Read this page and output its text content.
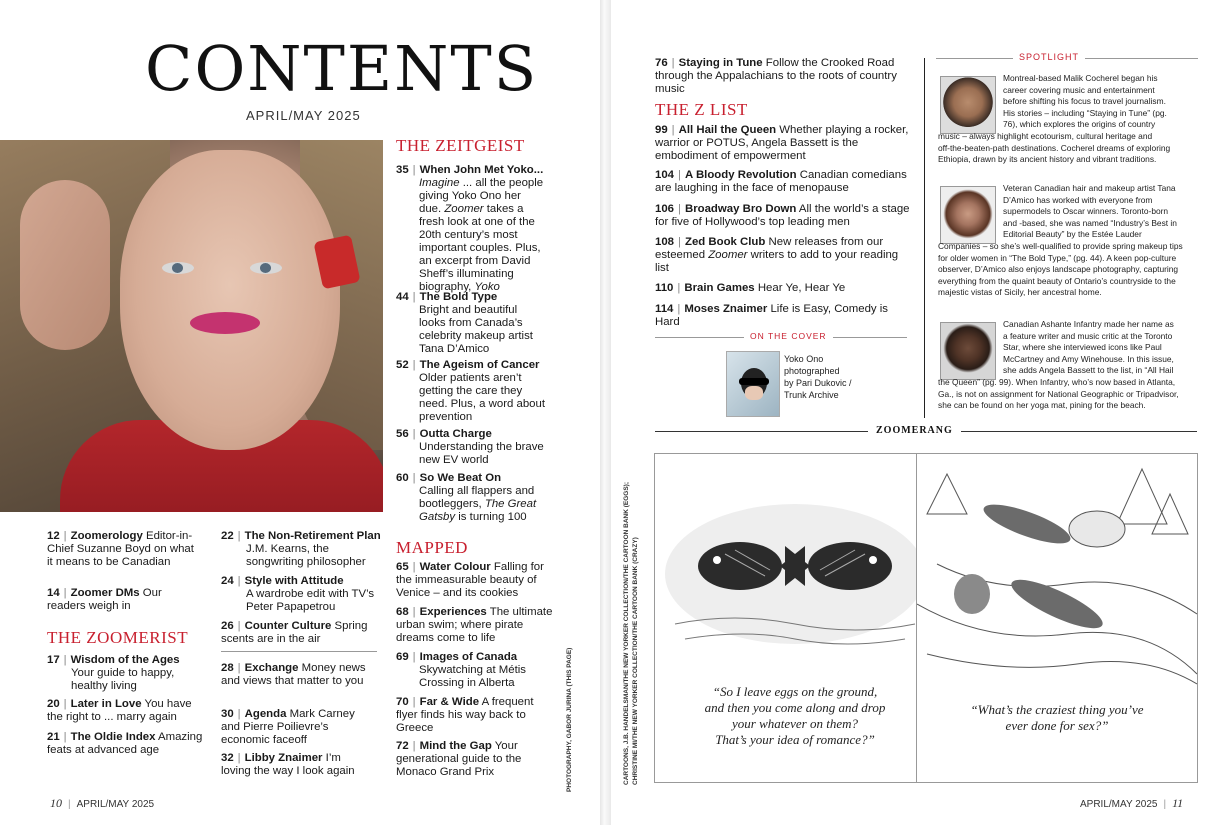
CONTENTS
APRIL/MAY 2025
PHOTOGRAPHY, GABOR JURINA (THIS PAGE)
THE ZEITGEIST
35 | When John Met Yoko...
Imagine ... all the people giving Yoko Ono her due. Zoomer takes a fresh look at one of the 20th century’s most important couples. Plus, an excerpt from David Sheff’s illuminating biography, Yoko
44 | The Bold Type
Bright and beautiful looks from Canada’s celebrity makeup artist Tana D’Amico
52 | The Ageism of Cancer
Older patients aren’t getting the care they need. Plus, a word about prevention
56 | Outta Charge
Understanding the brave new EV world
60 | So We Beat On
Calling all flappers and bootleggers, The Great Gatsby is turning 100
MAPPED
65 | Water Colour Falling for the immeasurable beauty of Venice – and its cookies
68 | Experiences The ultimate urban swim; where pirate dreams come to life
69 | Images of Canada
Skywatching at Métis Crossing in Alberta
70 | Far & Wide A frequent flyer finds his way back to Greece
72 | Mind the Gap Your generational guide to the Monaco Grand Prix
12 | Zoomerology Editor-in-Chief Suzanne Boyd on what it means to be Canadian
14 | Zoomer DMs Our readers weigh in
THE ZOOMERIST
17 | Wisdom of the Ages
Your guide to happy, healthy living
20 | Later in Love You have the right to ... marry again
21 | The Oldie Index Amazing feats at advanced age
22 | The Non-Retirement Plan
J.M. Kearns, the songwriting philosopher
24 | Style with Attitude
A wardrobe edit with TV’s Peter Papapetrou
26 | Counter Culture Spring scents are in the air
28 | Exchange Money news and views that matter to you
30 | Agenda Mark Carney and Pierre Poilievre’s economic faceoff
32 | Libby Znaimer I’m loving the way I look again
10 | APRIL/MAY 2025
76 | Staying in Tune Follow the Crooked Road through the Appalachians to the roots of country music
THE Z LIST
99 | All Hail the Queen Whether playing a rocker, warrior or POTUS, Angela Bassett is the embodiment of empowerment
104 | A Bloody Revolution Canadian comedians are laughing in the face of menopause
106 | Broadway Bro Down All the world’s a stage for five of Hollywood’s top leading men
108 | Zed Book Club New releases from our esteemed Zoomer writers to add to your reading list
110 | Brain Games Hear Ye, Hear Ye
114 | Moses Znaimer Life is Easy, Comedy is Hard
ON THE COVER
Yoko Ono
photographed
by Pari Dukovic /
Trunk Archive
SPOTLIGHT
Montreal-based Malik Cocherel began his
career covering music and entertainment
before shifting his focus to travel journalism.
His stories – including “Staying in Tune” (pg.
76), which explores the origins of country
music – always highlight ecotourism, cultural heritage and
off-the-beaten-path destinations. Cocherel dreams of exploring
Ethiopia, drawn by its ancient history and vibrant traditions.
Veteran Canadian hair and makeup artist Tana
D’Amico has worked with everyone from
supermodels to Oscar winners. Toronto-born
and -based, she was named “Industry’s Best in
Editorial Beauty” by the Estée Lauder
Companies – so she’s well-qualified to provide spring makeup tips
for older women in “The Bold Type,” (pg. 44). A keen pop-culture
observer, D’Amico also enjoys landscape photography, capturing
everything from the quaint beauty of Ontario’s countryside to the
majestic vistas of Sicily, her ancestral home.
Canadian Ashante Infantry made her name as
a feature writer and music critic at the Toronto
Star, where she interviewed icons like Paul
McCartney and Amy Winehouse. In this issue,
she adds Angela Bassett to the list, in “All Hail
the Queen” (pg. 99). When Infantry, who’s now based in Atlanta,
Ga., is not on assignment for National Geographic or Tripadvisor,
she can be found on her yoga mat, pining for the beach.
ZOOMERANG
CARTOONS, J.B. HANDELSMAN/THE NEW YORKER COLLECTION/THE CARTOON BANK (EGGS); CHRISTINE MI/THE NEW YORKER COLLECTION/THE CARTOON BANK (CRAZY)	“So I leave eggs on the ground,
and then you come along and drop
your whatever on them?
That’s your idea of romance?”
“What’s the craziest thing you’ve
ever done for sex?”
APRIL/MAY 2025 | 11
